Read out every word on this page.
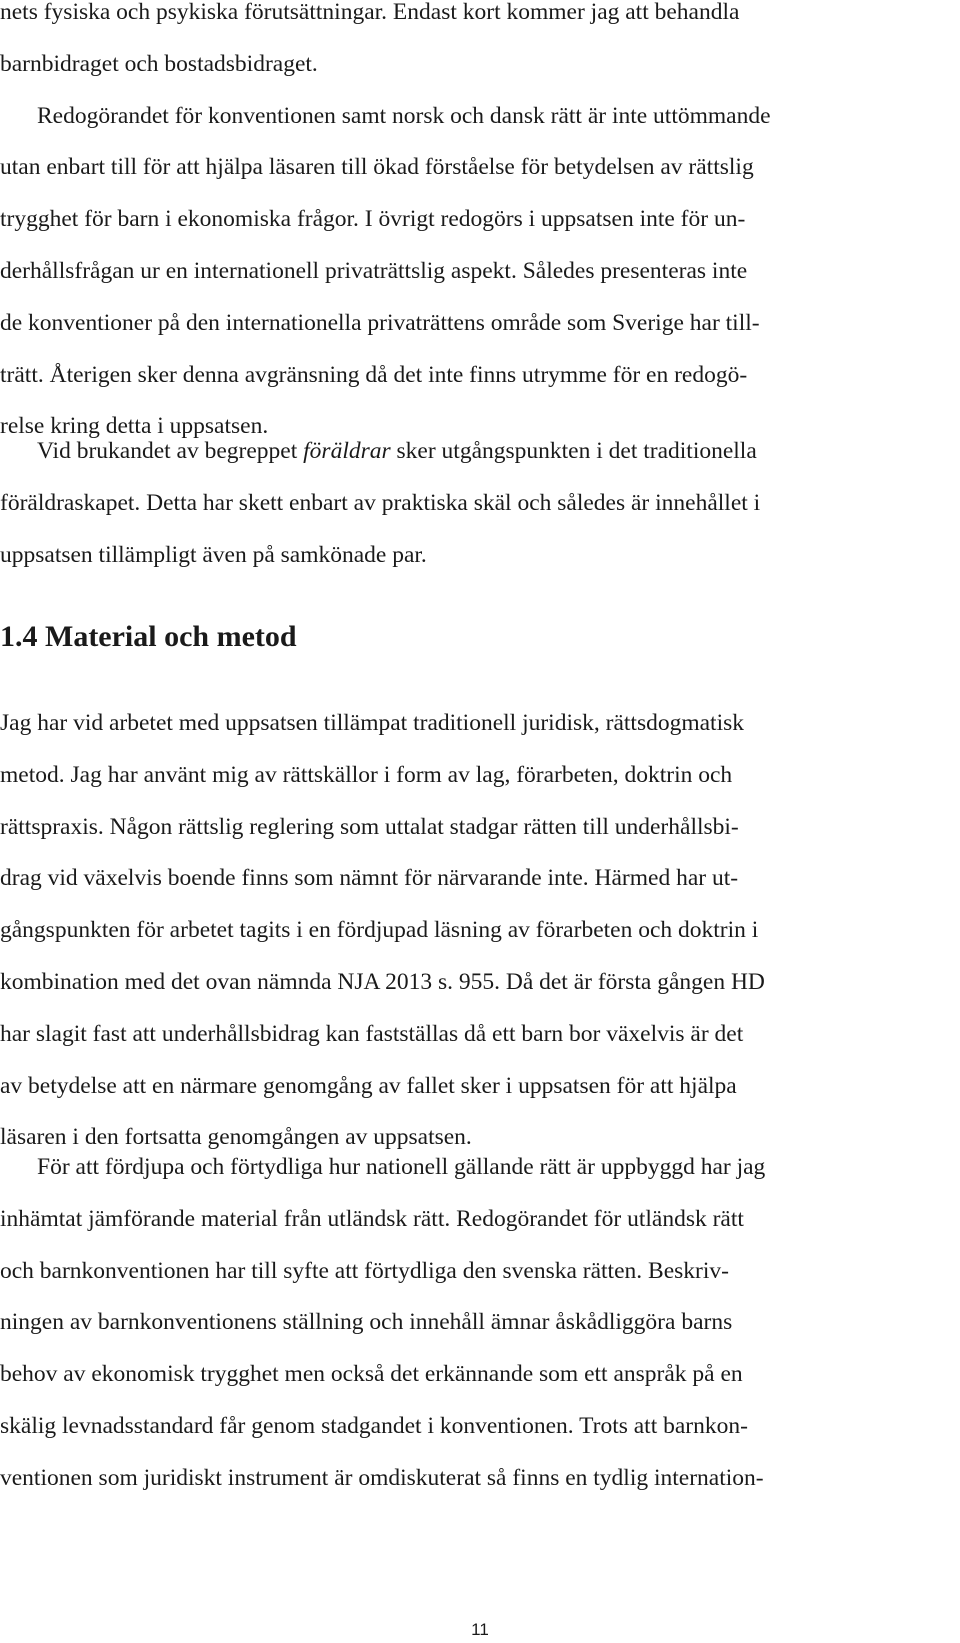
nets fysiska och psykiska förutsättningar. Endast kort kommer jag att behandla
barnbidraget och bostadsbidraget.
Redogörandet för konventionen samt norsk och dansk rätt är inte uttömmande
utan enbart till för att hjälpa läsaren till ökad förståelse för betydelsen av rättslig
trygghet för barn i ekonomiska frågor. I övrigt redogörs i uppsatsen inte för un-
derhållsfrågan ur en internationell privaträttslig aspekt. Således presenteras inte
de konventioner på den internationella privaträttens område som Sverige har till-
trätt. Återigen sker denna avgränsning då det inte finns utrymme för en redogö-
relse kring detta i uppsatsen.
Vid brukandet av begreppet föräldrar sker utgångspunkten i det traditionella
föräldraskapet. Detta har skett enbart av praktiska skäl och således är innehållet i
uppsatsen tillämpligt även på samkönade par.
1.4 Material och metod
Jag har vid arbetet med uppsatsen tillämpat traditionell juridisk, rättsdogmatisk
metod. Jag har använt mig av rättskällor i form av lag, förarbeten, doktrin och
rättspraxis. Någon rättslig reglering som uttalat stadgar rätten till underhållsbi-
drag vid växelvis boende finns som nämnt för närvarande inte. Härmed har ut-
gångspunkten för arbetet tagits i en fördjupad läsning av förarbeten och doktrin i
kombination med det ovan nämnda NJA 2013 s. 955. Då det är första gången HD
har slagit fast att underhållsbidrag kan fastställas då ett barn bor växelvis är det
av betydelse att en närmare genomgång av fallet sker i uppsatsen för att hjälpa
läsaren i den fortsatta genomgången av uppsatsen.
För att fördjupa och förtydliga hur nationell gällande rätt är uppbyggd har jag
inhämtat jämförande material från utländsk rätt. Redogörandet för utländsk rätt
och barnkonventionen har till syfte att förtydliga den svenska rätten. Beskriv-
ningen av barnkonventionens ställning och innehåll ämnar åskådliggöra barns
behov av ekonomisk trygghet men också det erkännande som ett anspråk på en
skälig levnadsstandard får genom stadgandet i konventionen. Trots att barnkon-
ventionen som juridiskt instrument är omdiskuterat så finns en tydlig internation-
11
